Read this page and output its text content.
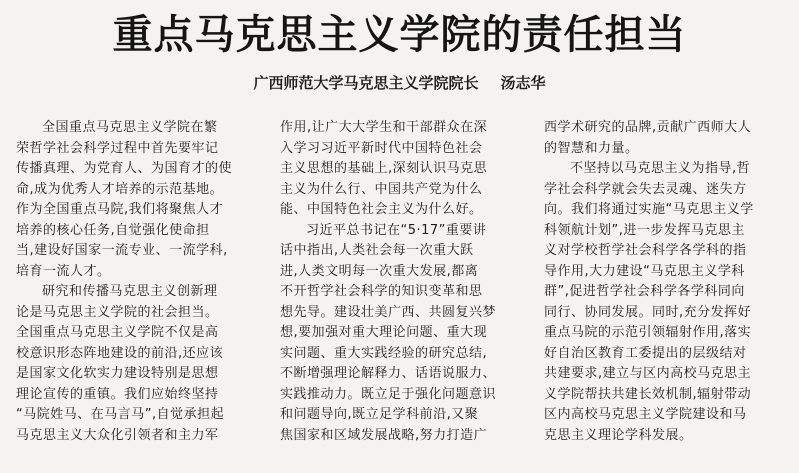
重点马克思主义学院的责任担当

广西师范大学马克思主义学院院长 汤志华

全国重点马克思主义学院在繁
荣哲学社会科学过程中首先要牢记
传播真理、为党育人、为国育才的使
命,成为优秀人才培养的示范基地。
作为全国重点马院,我们将聚焦人才
培养的核心任务,自觉强化使命担
当,建设好国家一流专业、一流学科,
培育一流人才。
研究和传播马克思主义创新理
论是马克思主义学院的社会担当。
全国重点马克思主义学院不仅是高
校意识形态阵地建设的前沿,还应该
是国家文化软实力建设特别是思想
理论宣传的重镇。我们应始终坚持
“马院姓马、在马言马”,自觉承担起
马克思主义大众化引领者和主力军
作用,让广大大学生和干部群众在深
入学习习近平新时代中国特色社会
主义思想的基础上,深刻认识马克思
主义为什么行、中国共产党为什么
能、中国特色社会主义为什么好。
习近平总书记在“5·17”重要讲
话中指出,人类社会每一次重大跃
进,人类文明每一次重大发展,都离
不开哲学社会科学的知识变革和思
想先导。建设壮美广西、共圆复兴梦
想,要加强对重大理论问题、重大现
实问题、重大实践经验的研究总结,
不断增强理论解释力、话语说服力、
实践推动力。既立足于强化问题意识
和问题导向,既立足学科前沿,又聚
焦国家和区域发展战略,努力打造广
西学术研究的品牌,贡献广西师大人
的智慧和力量。
不坚持以马克思主义为指导,哲
学社会科学就会失去灵魂、迷失方
向。我们将通过实施“马克思主义学
科领航计划”,进一步发挥马克思主
义对学校哲学社会科学各学科的指
导作用,大力建设“马克思主义学科
群”,促进哲学社会科学各学科同向
同行、协同发展。同时,充分发挥好
重点马院的示范引领辐射作用,落实
好自治区教育工委提出的层级结对
共建要求,建立与区内高校马克思主
义学院帮扶共建长效机制,辐射带动
区内高校马克思主义学院建设和马
克思主义理论学科发展。
